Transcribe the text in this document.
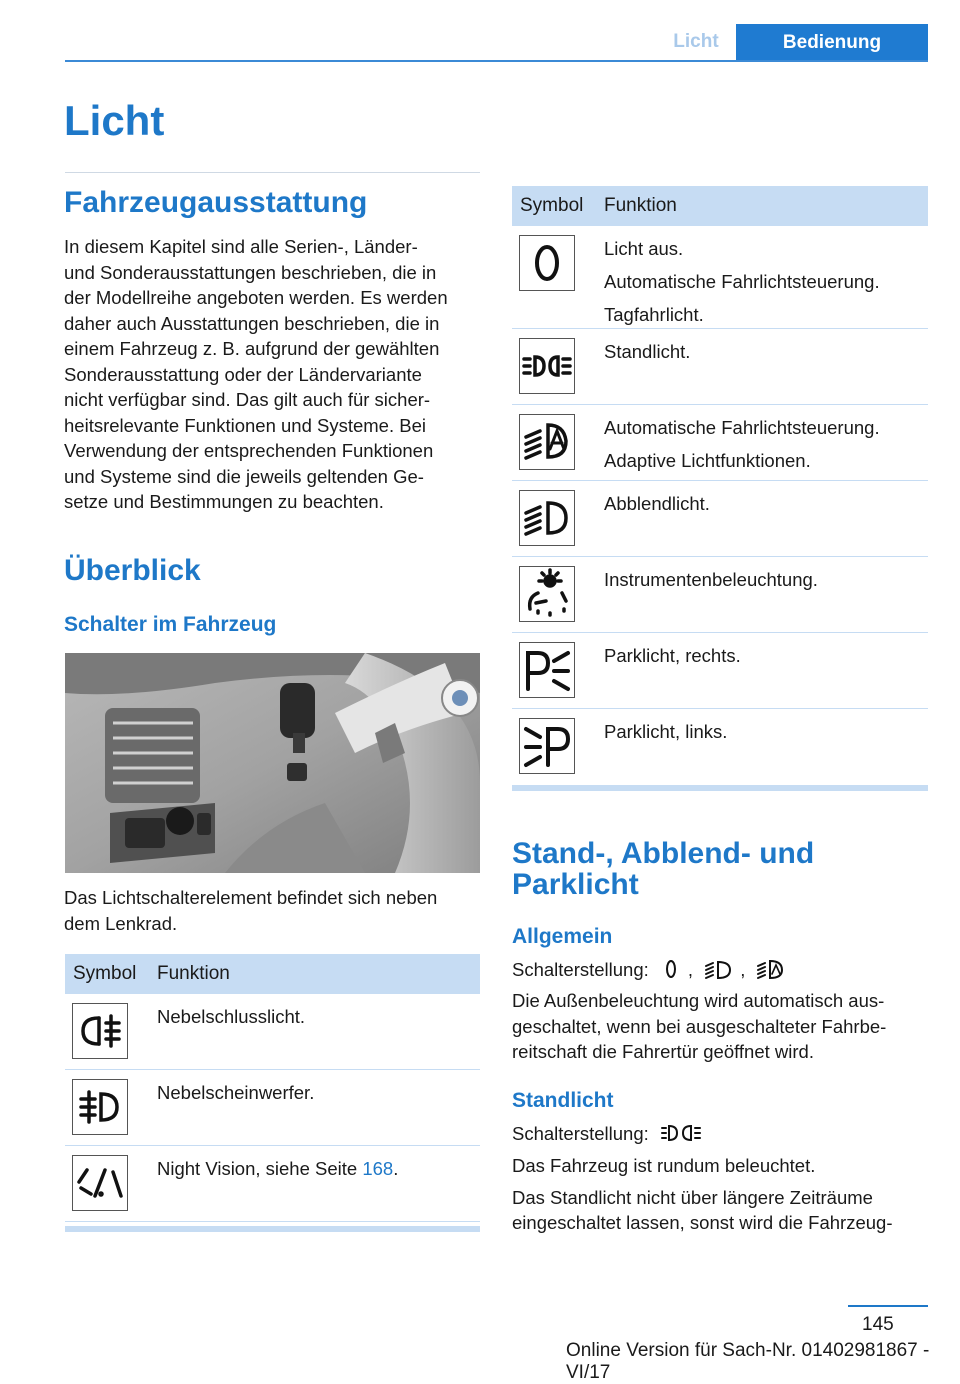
Licht	Bedienung
Licht
Fahrzeugausstattung
In diesem Kapitel sind alle Serien-, Länder-
und Sonderausstattungen beschrieben, die in
der Modellreihe angeboten werden. Es werden
daher auch Ausstattungen beschrieben, die in
einem Fahrzeug z. B. aufgrund der gewählten
Sonderausstattung oder der Ländervariante
nicht verfügbar sind. Das gilt auch für sicher-
heitsrelevante Funktionen und Systeme. Bei
Verwendung der entsprechenden Funktionen
und Systeme sind die jeweils geltenden Ge-
setze und Bestimmungen zu beachten.
Überblick
Schalter im Fahrzeug
Das Lichtschalterelement befindet sich neben
dem Lenkrad.
Symbol	Funktion
Nebelschlusslicht.
Nebelscheinwerfer.
Night Vision, siehe Seite 168.
Symbol	Funktion
Licht aus.
Automatische Fahrlichtsteuerung.
Tagfahrlicht.
Standlicht.
Automatische Fahrlichtsteuerung.
Adaptive Lichtfunktionen.
Abblendlicht.
Instrumentenbeleuchtung.
Parklicht, rechts.
Parklicht, links.
Stand-, Abblend- und
Parklicht
Allgemein
Schalterstellung: ,	,
Die Außenbeleuchtung wird automatisch aus-
geschaltet, wenn bei ausgeschalteter Fahrbe-
reitschaft die Fahrertür geöffnet wird.
Standlicht
Schalterstellung:
Das Fahrzeug ist rundum beleuchtet.
Das Standlicht nicht über längere Zeiträume
eingeschaltet lassen, sonst wird die Fahrzeug-
145
Online Version für Sach-Nr. 01402981867 - VI/17
